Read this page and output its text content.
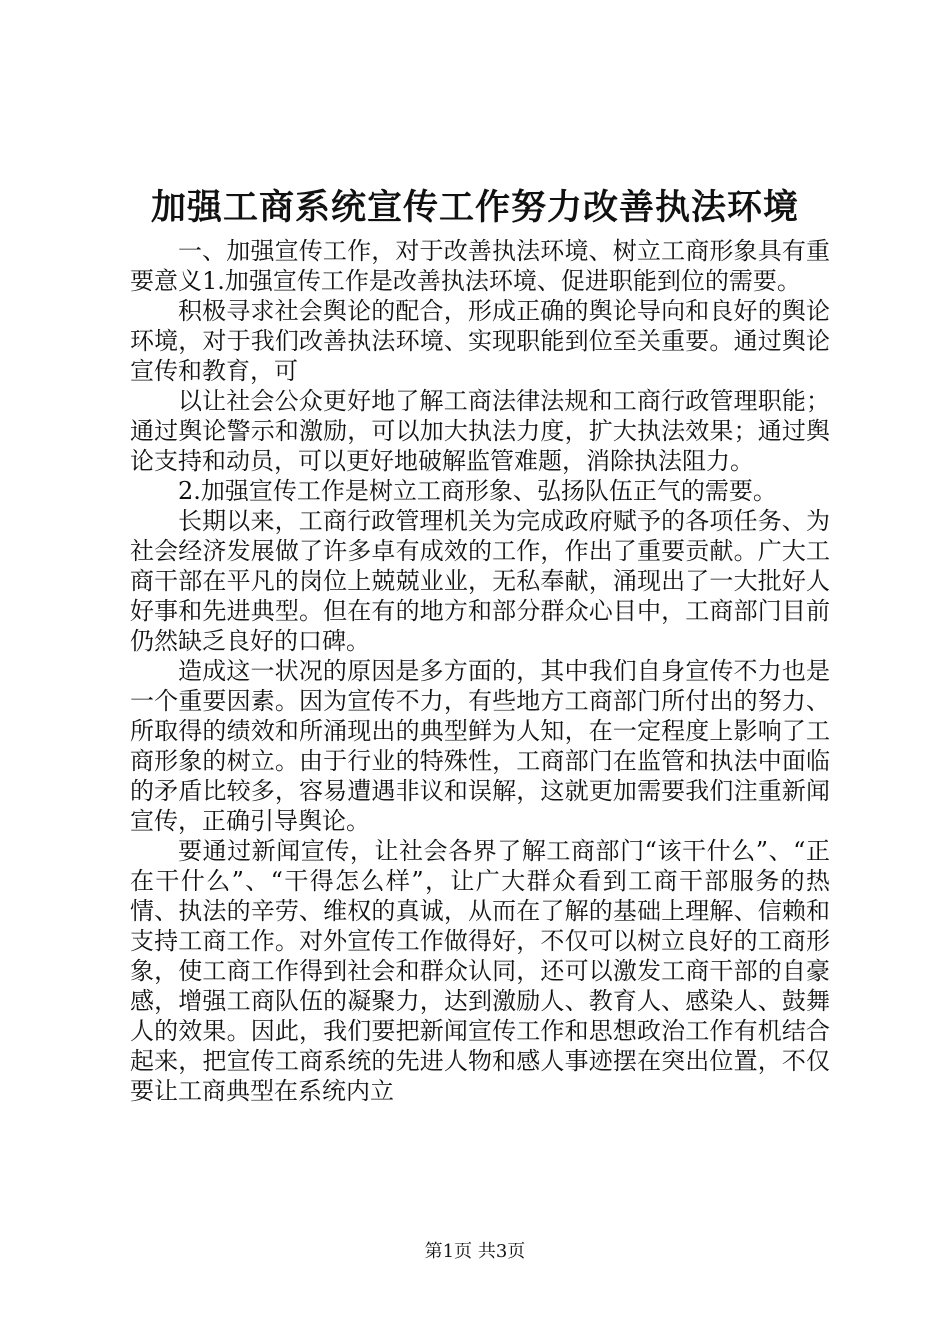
加强工商系统宣传工作努力改善执法环境

一、加强宣传工作，对于改善执法环境、树立工商形象具有重要意义1.加强宣传工作是改善执法环境、促进职能到位的需要。

积极寻求社会舆论的配合，形成正确的舆论导向和良好的舆论环境，对于我们改善执法环境、实现职能到位至关重要。通过舆论宣传和教育，可

以让社会公众更好地了解工商法律法规和工商行政管理职能；通过舆论警示和激励，可以加大执法力度，扩大执法效果；通过舆论支持和动员，可以更好地破解监管难题，消除执法阻力。

2.加强宣传工作是树立工商形象、弘扬队伍正气的需要。

长期以来，工商行政管理机关为完成政府赋予的各项任务、为社会经济发展做了许多卓有成效的工作，作出了重要贡献。广大工商干部在平凡的岗位上兢兢业业，无私奉献，涌现出了一大批好人好事和先进典型。但在有的地方和部分群众心目中，工商部门目前仍然缺乏良好的口碑。

造成这一状况的原因是多方面的，其中我们自身宣传不力也是一个重要因素。因为宣传不力，有些地方工商部门所付出的努力、所取得的绩效和所涌现出的典型鲜为人知，在一定程度上影响了工商形象的树立。由于行业的特殊性，工商部门在监管和执法中面临的矛盾比较多，容易遭遇非议和误解，这就更加需要我们注重新闻宣传，正确引导舆论。

要通过新闻宣传，让社会各界了解工商部门“该干什么”、“正在干什么”、“干得怎么样”，让广大群众看到工商干部服务的热情、执法的辛劳、维权的真诚，从而在了解的基础上理解、信赖和支持工商工作。对外宣传工作做得好，不仅可以树立良好的工商形象，使工商工作得到社会和群众认同，还可以激发工商干部的自豪感，增强工商队伍的凝聚力，达到激励人、教育人、感染人、鼓舞人的效果。因此，我们要把新闻宣传工作和思想政治工作有机结合起来，把宣传工商系统的先进人物和感人事迹摆在突出位置，不仅要让工商典型在系统内立

第1页 共3页
